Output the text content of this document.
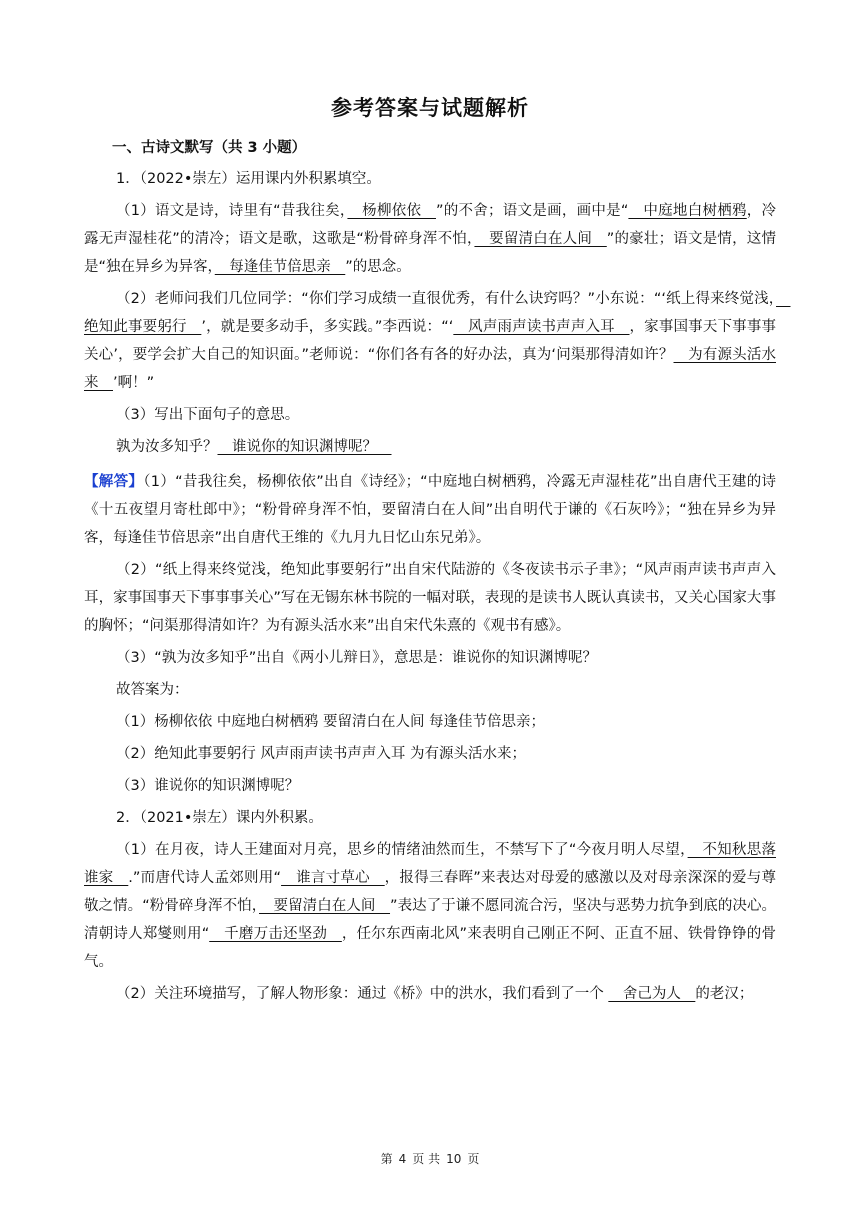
参考答案与试题解析

一、古诗文默写（共 3 小题）

1．（2022•崇左）运用课内外积累填空。

（1）语文是诗，诗里有“昔我往矣，　杨柳依依　”的不舍；语文是画，画中是“　中庭地白树栖鸦，冷露无声湿桂花”的清冷；语文是歌，这歌是“粉骨碎身浑不怕，　要留清白在人间　”的豪壮；语文是情，这情是“独在异乡为异客，　每逢佳节倍思亲　”的思念。

（2）老师问我们几位同学：“你们学习成绩一直很优秀，有什么诀窍吗？”小东说：“‘纸上得来终觉浅，　绝知此事要躬行　’，就是要多动手，多实践。”李西说：“‘　风声雨声读书声声入耳　，家事国事天下事事事关心’，要学会扩大自己的知识面。”老师说：“你们各有各的好办法，真为‘问渠那得清如许？　为有源头活水来　’啊！”

（3）写出下面句子的意思。

孰为汝多知乎？　谁说你的知识渊博呢？　

【解答】（1）“昔我往矣，杨柳依依”出自《诗经》；“中庭地白树栖鸦，冷露无声湿桂花”出自唐代王建的诗《十五夜望月寄杜郎中》；“粉骨碎身浑不怕，要留清白在人间”出自明代于谦的《石灰吟》；“独在异乡为异客，每逢佳节倍思亲”出自唐代王维的《九月九日忆山东兄弟》。

（2）“纸上得来终觉浅，绝知此事要躬行”出自宋代陆游的《冬夜读书示子聿》；“风声雨声读书声声入耳，家事国事天下事事事关心”写在无锡东林书院的一幅对联，表现的是读书人既认真读书，又关心国家大事的胸怀；“问渠那得清如许？为有源头活水来”出自宋代朱熹的《观书有感》。

（3）“孰为汝多知乎”出自《两小儿辩日》，意思是：谁说你的知识渊博呢？

故答案为：

（1）杨柳依依 中庭地白树栖鸦 要留清白在人间 每逢佳节倍思亲；

（2）绝知此事要躬行 风声雨声读书声声入耳 为有源头活水来；

（3）谁说你的知识渊博呢？

2．（2021•崇左）课内外积累。

（1）在月夜，诗人王建面对月亮，思乡的情绪油然而生，不禁写下了“今夜月明人尽望，　不知秋思落谁家　.”而唐代诗人孟郊则用“　谁言寸草心　，报得三春晖”来表达对母爱的感激以及对母亲深深的爱与尊敬之情。“粉骨碎身浑不怕，　要留清白在人间　”表达了于谦不愿同流合污，坚决与恶势力抗争到底的决心。清朝诗人郑燮则用“　千磨万击还坚劲　，任尔东西南北风”来表明自己刚正不阿、正直不屈、铁骨铮铮的骨气。

（2）关注环境描写，了解人物形象：通过《桥》中的洪水，我们看到了一个 　舍己为人　的老汉；

第 4 页 共 10 页
